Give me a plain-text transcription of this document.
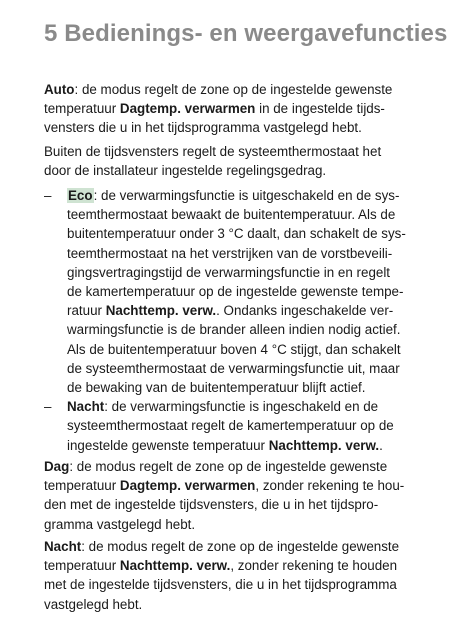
5 Bedienings- en weergavefuncties

Auto: de modus regelt de zone op de ingestelde gewenste
temperatuur Dagtemp. verwarmen in de ingestelde tijds-
vensters die u in het tijdsprogramma vastgelegd hebt.

Buiten de tijdsvensters regelt de systeemthermostaat het
door de installateur ingestelde regelingsgedrag.

– Eco: de verwarmingsfunctie is uitgeschakeld en de sys-
teemthermostaat bewaakt de buitentemperatuur. Als de
buitentemperatuur onder 3 °C daalt, dan schakelt de sys-
teemthermostaat na het verstrijken van de vorstbeveili-
gingsvertragingstijd de verwarmingsfunctie in en regelt
de kamertemperatuur op de ingestelde gewenste tempe-
ratuur Nachttemp. verw.. Ondanks ingeschakelde ver-
warmingsfunctie is de brander alleen indien nodig actief.
Als de buitentemperatuur boven 4 °C stijgt, dan schakelt
de systeemthermostaat de verwarmingsfunctie uit, maar
de bewaking van de buitentemperatuur blijft actief.
– Nacht: de verwarmingsfunctie is ingeschakeld en de
systeemthermostaat regelt de kamertemperatuur op de
ingestelde gewenste temperatuur Nachttemp. verw..

Dag: de modus regelt de zone op de ingestelde gewenste
temperatuur Dagtemp. verwarmen, zonder rekening te hou-
den met de ingestelde tijdsvensters, die u in het tijdspro-
gramma vastgelegd hebt.

Nacht: de modus regelt de zone op de ingestelde gewenste
temperatuur Nachttemp. verw., zonder rekening te houden
met de ingestelde tijdsvensters, die u in het tijdsprogramma
vastgelegd hebt.
